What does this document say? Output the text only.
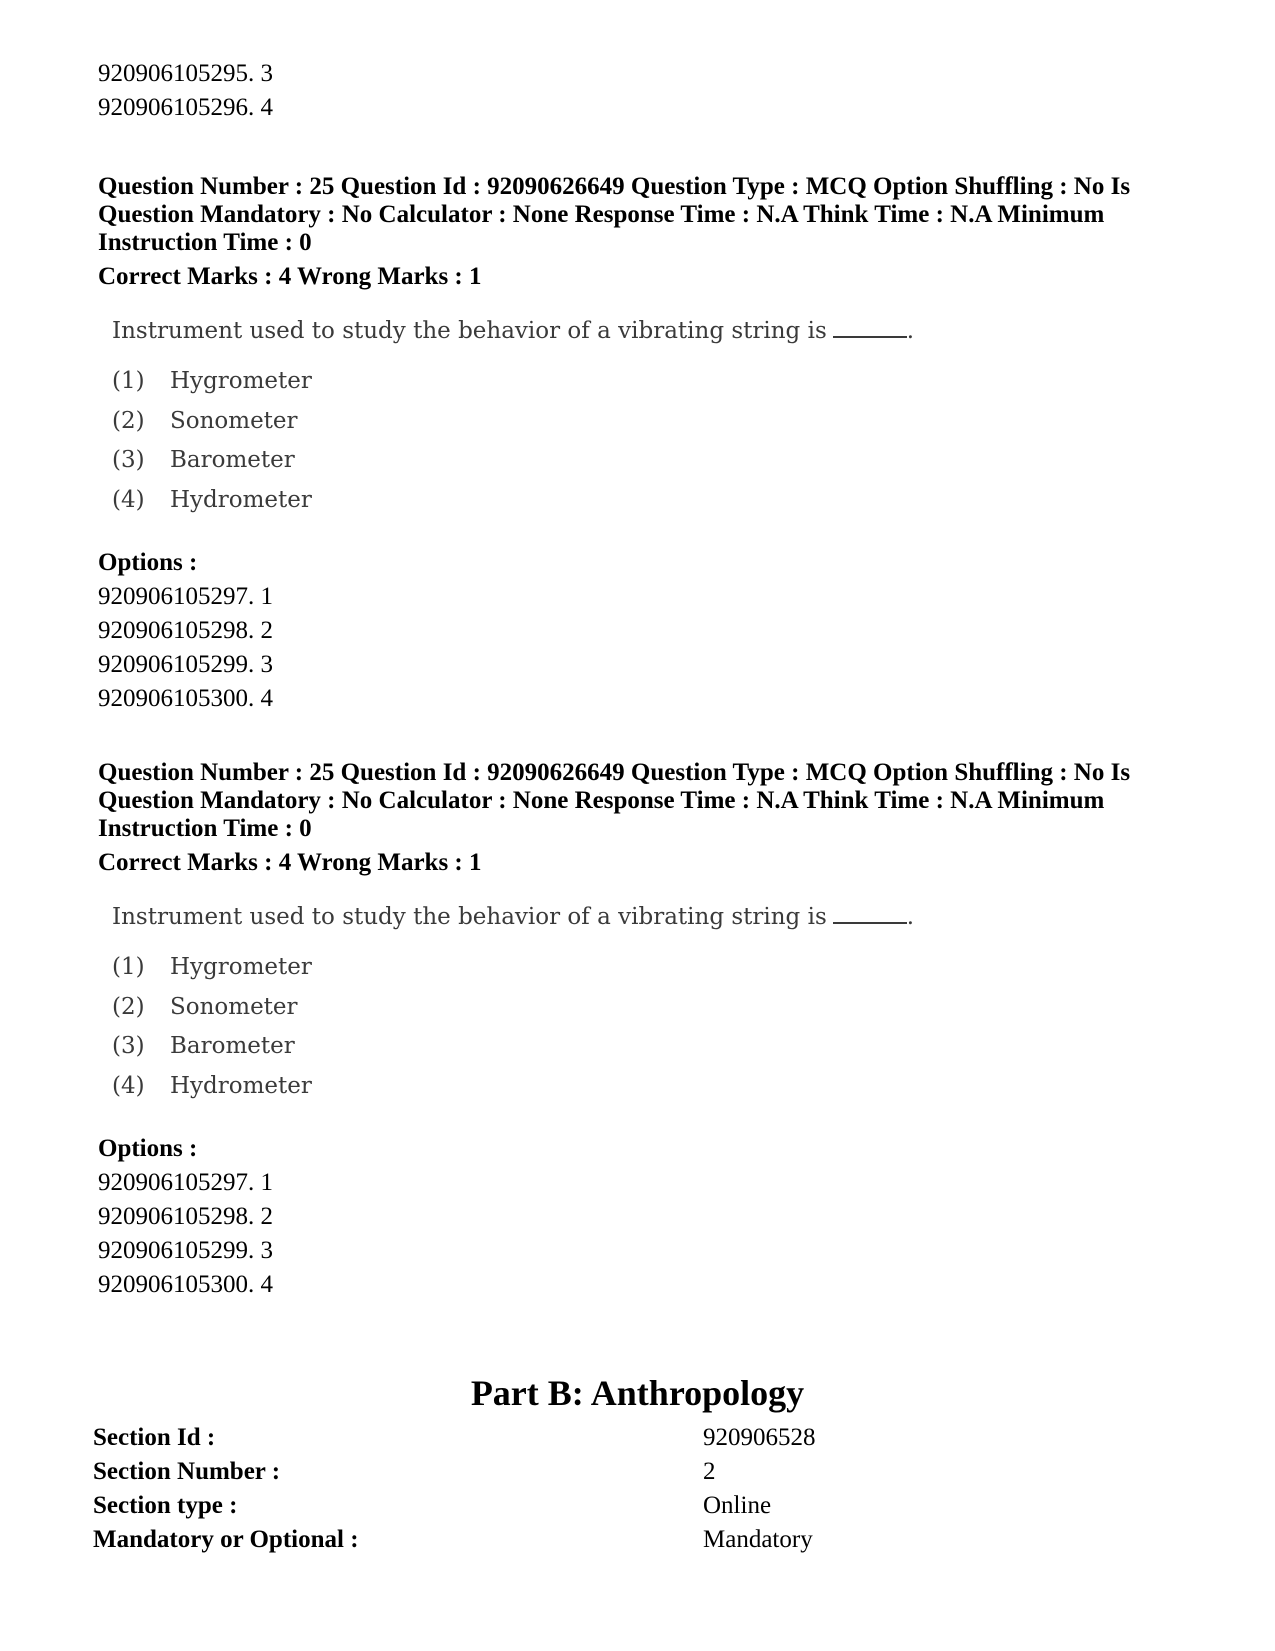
920906105295. 3
920906105296. 4
Question Number : 25 Question Id : 92090626649 Question Type : MCQ Option Shuffling : No Is Question Mandatory : No Calculator : None Response Time : N.A Think Time : N.A Minimum Instruction Time : 0
Correct Marks : 4 Wrong Marks : 1
Instrument used to study the behavior of a vibrating string is	.
(1) Hygrometer
(2) Sonometer
(3) Barometer
(4) Hydrometer
Options :
920906105297. 1
920906105298. 2
920906105299. 3
920906105300. 4
Question Number : 25 Question Id : 92090626649 Question Type : MCQ Option Shuffling : No Is Question Mandatory : No Calculator : None Response Time : N.A Think Time : N.A Minimum Instruction Time : 0
Correct Marks : 4 Wrong Marks : 1
Instrument used to study the behavior of a vibrating string is	.
(1) Hygrometer
(2) Sonometer
(3) Barometer
(4) Hydrometer
Options :
920906105297. 1
920906105298. 2
920906105299. 3
920906105300. 4
Part B: Anthropology
Section Id :	920906528
Section Number :	2
Section type :	Online
Mandatory or Optional :	Mandatory
